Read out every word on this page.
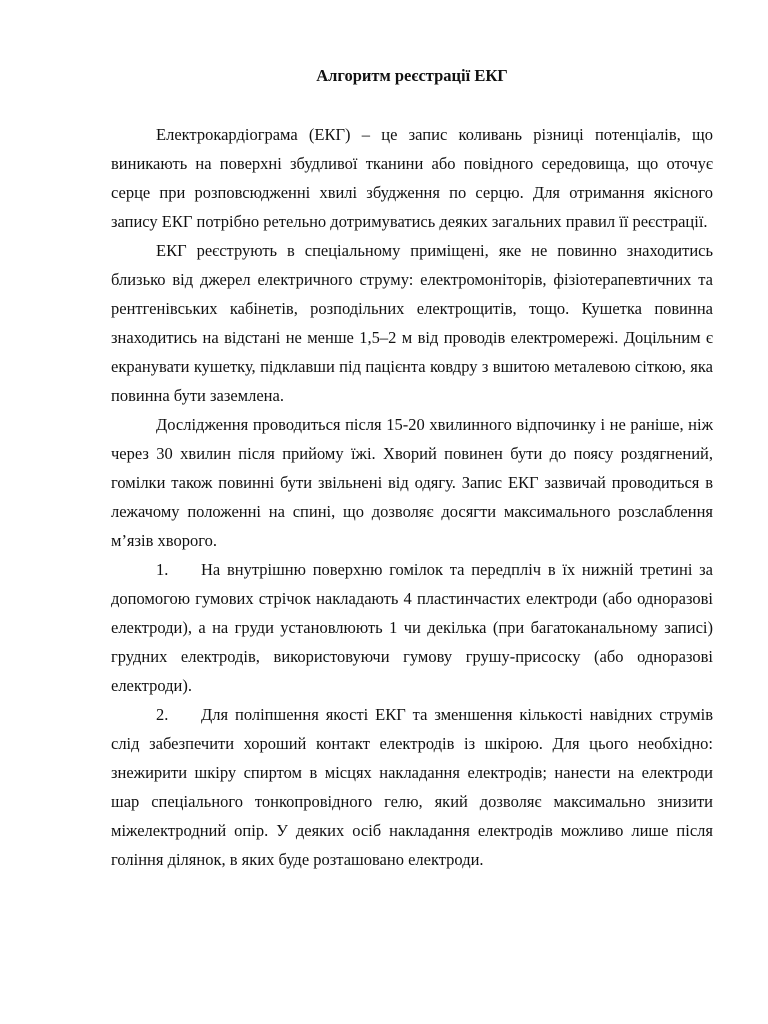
Алгоритм реєстрації ЕКГ

Електрокардіограма (ЕКГ) – це запис коливань різниці потенціалів, що виникають на поверхні збудливої тканини або повідного середовища, що оточує серце при розповсюдженні хвилі збудження по серцю. Для отримання якісного запису ЕКГ потрібно ретельно дотримуватись деяких загальних правил її реєстрації.

ЕКГ реєструють в спеціальному приміщені, яке не повинно знаходитись близько від джерел електричного струму: електромоніторів, фізіотерапевтичних та рентгенівських кабінетів, розподільних електрощитів, тощо. Кушетка повинна знаходитись на відстані не менше 1,5–2 м від проводів електромережі. Доцільним є екранувати кушетку, підклавши під пацієнта ковдру з вшитою металевою сіткою, яка повинна бути заземлена.

Дослідження проводиться після 15-20 хвилинного відпочинку і не раніше, ніж через 30 хвилин після прийому їжі. Хворий повинен бути до поясу роздягнений, гомілки також повинні бути звільнені від одягу. Запис ЕКГ зазвичай проводиться в лежачому положенні на спині, що дозволяє досягти максимального розслаблення м’язів хворого.

1. На внутрішню поверхню гомілок та передпліч в їх нижній третині за допомогою гумових стрічок накладають 4 пластинчастих електроди (або одноразові електроди), а на груди установлюють 1 чи декілька (при багатоканальному записі) грудних електродів, використовуючи гумову грушу-присоску (або одноразові електроди).

2. Для поліпшення якості ЕКГ та зменшення кількості навідних струмів слід забезпечити хороший контакт електродів із шкірою. Для цього необхідно: знежирити шкіру спиртом в місцях накладання електродів; нанести на електроди шар спеціального тонкопровідного гелю, який дозволяє максимально знизити міжелектродний опір. У деяких осіб накладання електродів можливо лише після гоління ділянок, в яких буде розташовано електроди.
